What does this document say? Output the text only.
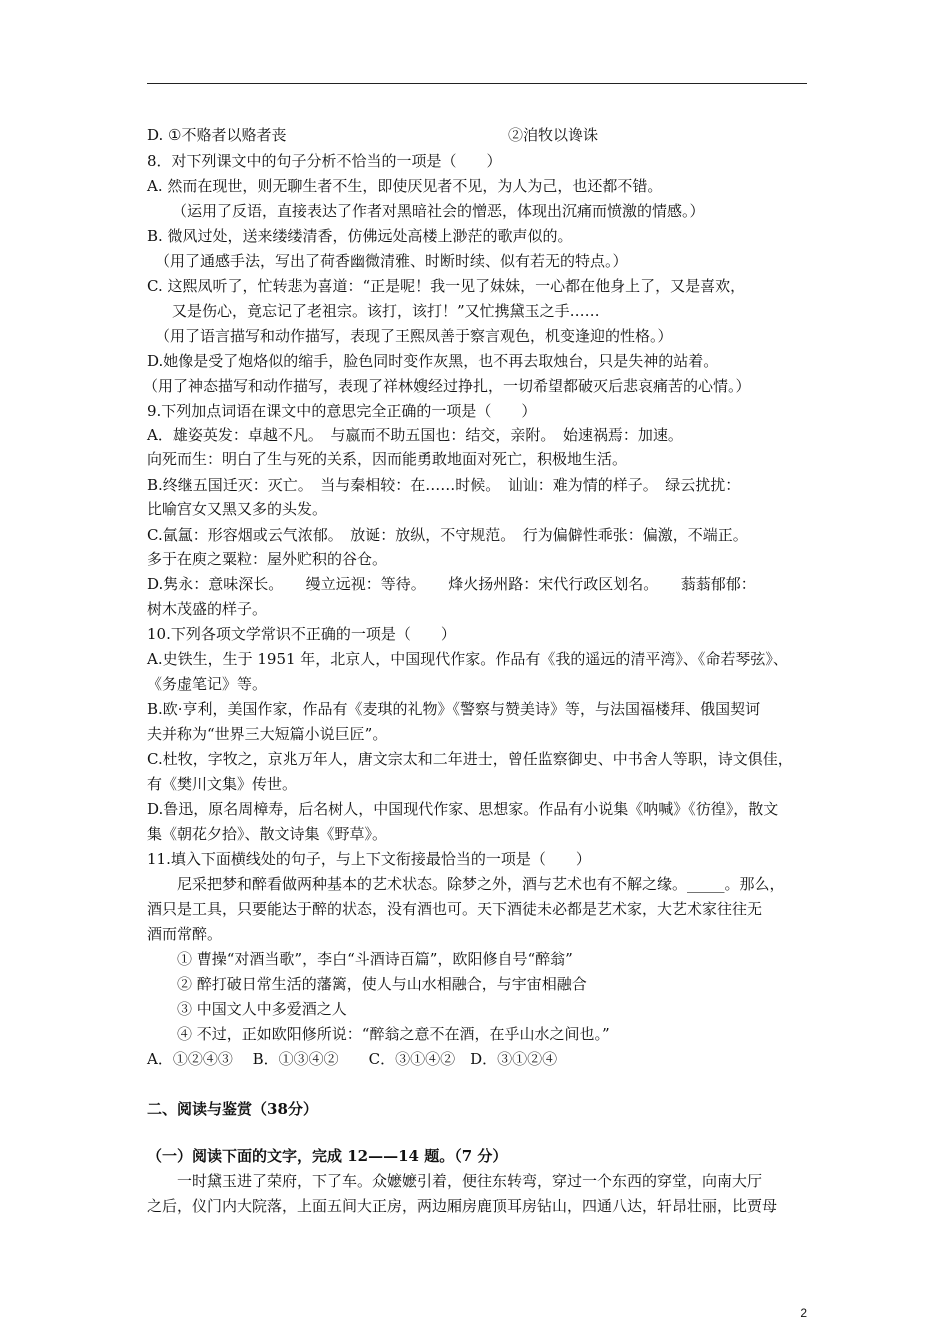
D. ①不赂者以赂者丧	②洎牧以谗诛
8．对下列课文中的句子分析不恰当的一项是（　　）
A. 然而在现世，则无聊生者不生，即使厌见者不见，为人为己，也还都不错。
（运用了反语，直接表达了作者对黑暗社会的憎恶，体现出沉痛而愤激的情感。）
B. 微风过处，送来缕缕清香，仿佛远处高楼上渺茫的歌声似的。
（用了通感手法，写出了荷香幽微清雅、时断时续、似有若无的特点。）
C. 这熙凤听了，忙转悲为喜道：“正是呢！我一见了妹妹，一心都在他身上了，又是喜欢，
又是伤心，竟忘记了老祖宗。该打，该打！”又忙携黛玉之手……
（用了语言描写和动作描写，表现了王熙凤善于察言观色，机变逢迎的性格。）
D.她像是受了炮烙似的缩手，脸色同时变作灰黑，也不再去取烛台，只是失神的站着。
（用了神态描写和动作描写，表现了祥林嫂经过挣扎，一切希望都破灭后悲哀痛苦的心情。）
9.下列加点词语在课文中的意思完全正确的一项是（　　）
A．雄姿英发：卓越不凡。　与嬴而不助五国也：结交，亲附。　始速祸焉：加速。
向死而生：明白了生与死的关系，因而能勇敢地面对死亡，积极地生活。
B.终继五国迁灭：灭亡。　当与秦相较：在……时候。　讪讪：难为情的样子。　绿云扰扰：
比喻宫女又黑又多的头发。
C.氤氲：形容烟或云气浓郁。　放诞：放纵，不守规范。　行为偏僻性乖张：偏激，不端正。
多于在庾之粟粒：屋外贮积的谷仓。
D.隽永：意味深长。　　缦立远视：等待。　　烽火扬州路：宋代行政区划名。　　蓊蓊郁郁：
树木茂盛的样子。
10.下列各项文学常识不正确的一项是（　　）
A.史铁生，生于 1951 年，北京人，中国现代作家。作品有《我的遥远的清平湾》、《命若琴弦》、
《务虚笔记》等。
B.欧·亨利，美国作家，作品有《麦琪的礼物》《警察与赞美诗》等，与法国福楼拜、俄国契诃
夫并称为“世界三大短篇小说巨匠”。
C.杜牧，字牧之，京兆万年人，唐文宗太和二年进士，曾任监察御史、中书舍人等职，诗文俱佳，
有《樊川文集》传世。
D.鲁迅，原名周樟寿，后名树人，中国现代作家、思想家。作品有小说集《呐喊》《彷徨》，散文
集《朝花夕拾》、散文诗集《野草》。
11.填入下面横线处的句子，与上下文衔接最恰当的一项是（　　）
　　尼采把梦和醉看做两种基本的艺术状态。除梦之外，酒与艺术也有不解之缘。_____。那么，
酒只是工具，只要能达于醉的状态，没有酒也可。天下酒徒未必都是艺术家，大艺术家往往无
酒而常醉。
　　① 曹操“对酒当歌”，李白“斗酒诗百篇”，欧阳修自号“醉翁”
　　② 醉打破日常生活的藩篱，使人与山水相融合，与宇宙相融合
　　③ 中国文人中多爱酒之人
　　④ 不过，正如欧阳修所说：“醉翁之意不在酒，在乎山水之间也。”
A．①②④③　 B．①③④②　　C．③①④②　D．③①②④
二、阅读与鉴赏（38分）
（一）阅读下面的文字，完成 12——14 题。（7 分）
　　一时黛玉进了荣府，下了车。众嬷嬷引着，便往东转弯，穿过一个东西的穿堂，向南大厅
之后，仪门内大院落，上面五间大正房，两边厢房鹿顶耳房钻山，四通八达，轩昂壮丽，比贾母
2
